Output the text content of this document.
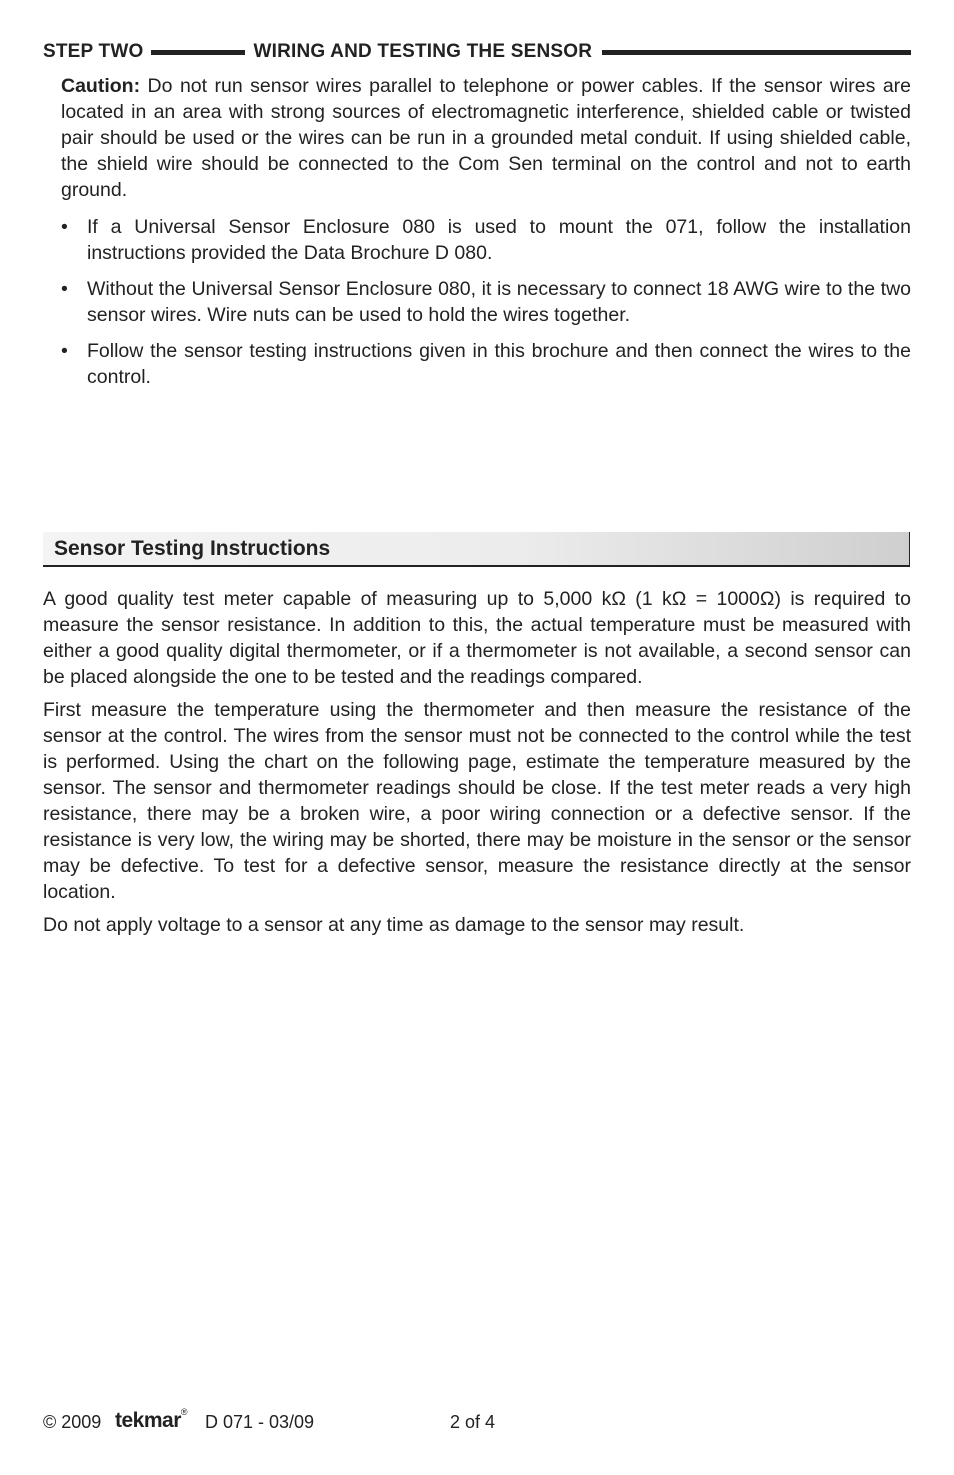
STEP TWO	WIRING AND TESTING THE SENSOR
Caution: Do not run sensor wires parallel to telephone or power cables. If the sensor wires are located in an area with strong sources of electromagnetic interference, shielded cable or twisted pair should be used or the wires can be run in a grounded metal conduit. If using shielded cable, the shield wire should be connected to the Com Sen terminal on the control and not to earth ground.
• If a Universal Sensor Enclosure 080 is used to mount the 071, follow the installation instructions provided the Data Brochure D 080.
• Without the Universal Sensor Enclosure 080, it is necessary to connect 18 AWG wire to the two sensor wires. Wire nuts can be used to hold the wires together.
• Follow the sensor testing instructions given in this brochure and then connect the wires to the control.
Sensor Testing Instructions

A good quality test meter capable of measuring up to 5,000 kΩ (1 kΩ = 1000Ω) is required to measure the sensor resistance. In addition to this, the actual temperature must be measured with either a good quality digital thermometer, or if a thermometer is not available, a second sensor can be placed alongside the one to be tested and the readings compared.

First measure the temperature using the thermometer and then measure the resistance of the sensor at the control. The wires from the sensor must not be connected to the control while the test is performed. Using the chart on the following page, estimate the temperature measured by the sensor. The sensor and thermometer readings should be close. If the test meter reads a very high resistance, there may be a broken wire, a poor wiring connection or a defective sensor. If the resistance is very low, the wiring may be shorted, there may be moisture in the sensor or the sensor may be defective. To test for a defective sensor, measure the resistance directly at the sensor location.

Do not apply voltage to a sensor at any time as damage to the sensor may result.

© 2009 tekmar® D 071 - 03/09	2 of 4
